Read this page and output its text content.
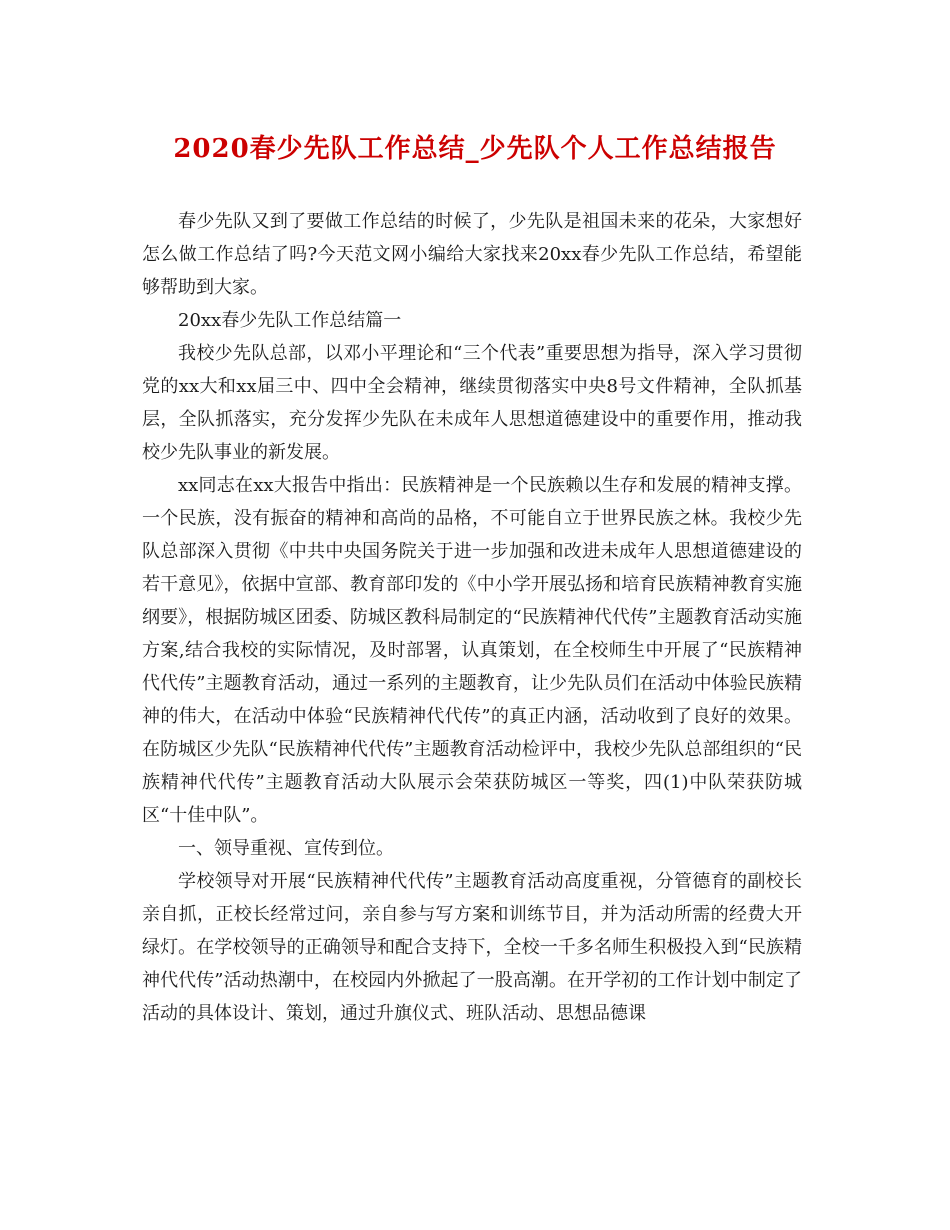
2020春少先队工作总结_少先队个人工作总结报告

春少先队又到了要做工作总结的时候了，少先队是祖国未来的花朵，大家想好怎么做工作总结了吗?今天范文网小编给大家找来20xx春少先队工作总结，希望能够帮助到大家。

20xx春少先队工作总结篇一

我校少先队总部，以邓小平理论和“三个代表”重要思想为指导，深入学习贯彻党的xx大和xx届三中、四中全会精神，继续贯彻落实中央8号文件精神，全队抓基层，全队抓落实，充分发挥少先队在未成年人思想道德建设中的重要作用，推动我校少先队事业的新发展。

xx同志在xx大报告中指出：民族精神是一个民族赖以生存和发展的精神支撑。一个民族，没有振奋的精神和高尚的品格，不可能自立于世界民族之林。我校少先队总部深入贯彻《中共中央国务院关于进一步加强和改进未成年人思想道德建设的若干意见》，依据中宣部、教育部印发的《中小学开展弘扬和培育民族精神教育实施纲要》，根据防城区团委、防城区教科局制定的“民族精神代代传”主题教育活动实施方案,结合我校的实际情况，及时部署，认真策划，在全校师生中开展了“民族精神代代传”主题教育活动，通过一系列的主题教育，让少先队员们在活动中体验民族精神的伟大，在活动中体验“民族精神代代传”的真正内涵，活动收到了良好的效果。在防城区少先队“民族精神代代传”主题教育活动检评中，我校少先队总部组织的“民族精神代代传”主题教育活动大队展示会荣获防城区一等奖，四(1)中队荣获防城区“十佳中队”。

一、领导重视、宣传到位。

学校领导对开展“民族精神代代传”主题教育活动高度重视，分管德育的副校长亲自抓，正校长经常过问，亲自参与写方案和训练节目，并为活动所需的经费大开绿灯。在学校领导的正确领导和配合支持下，全校一千多名师生积极投入到“民族精神代代传”活动热潮中，在校园内外掀起了一股高潮。在开学初的工作计划中制定了活动的具体设计、策划，通过升旗仪式、班队活动、思想品德课
